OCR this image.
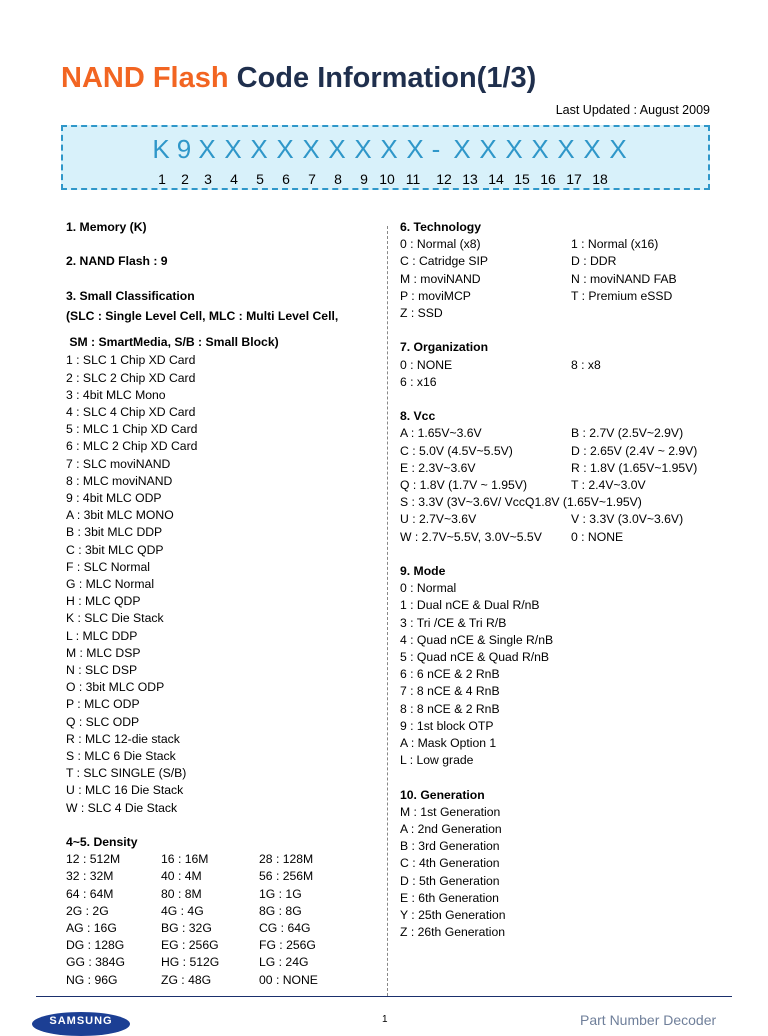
NAND Flash Code Information(1/3)
Last Updated : August 2009
K 9 X X X X X X X X X - X X X X X X X
1	2	3	4	5	6	7	8	9 10 11 12 13 14 15 16 17 18
1. Memory (K)
2. NAND Flash : 9
3. Small Classification
(SLC : Single Level Cell, MLC : Multi Level Cell,
SM : SmartMedia, S/B : Small Block)
1 : SLC 1 Chip XD Card
2 : SLC 2 Chip XD Card
3 : 4bit MLC Mono
4 : SLC 4 Chip XD Card
5 : MLC 1 Chip XD Card
6 : MLC 2 Chip XD Card
7 : SLC moviNAND
8 : MLC moviNAND
9 : 4bit MLC ODP
A : 3bit MLC MONO
B : 3bit MLC DDP
C : 3bit MLC QDP
F : SLC Normal
G : MLC Normal
H : MLC QDP
K : SLC Die Stack
L : MLC DDP
M : MLC DSP
N : SLC DSP
O : 3bit MLC ODP
P : MLC ODP
Q : SLC ODP
R : MLC 12-die stack
S : MLC 6 Die Stack
T : SLC SINGLE (S/B)
U : MLC 16 Die Stack
W : SLC 4 Die Stack
4~5. Density
12 : 512M	16 : 16M	28 : 128M
32 : 32M	40 : 4M	56 : 256M
64 : 64M	80 : 8M	1G : 1G
2G : 2G	4G : 4G	8G : 8G
AG : 16G	BG : 32G	CG : 64G
DG : 128G	EG : 256G	FG : 256G
GG : 384G	HG : 512G	LG : 24G
NG : 96G	ZG : 48G	00 : NONE
6. Technology
0 : Normal (x8)	1 : Normal (x16)
C : Catridge SIP	D : DDR
M : moviNAND	N : moviNAND FAB
P : moviMCP	T : Premium eSSD
Z : SSD
7. Organization
0 : NONE	8 : x8
6 : x16
8. Vcc
A : 1.65V~3.6V	B : 2.7V (2.5V~2.9V)
C : 5.0V (4.5V~5.5V)	D : 2.65V (2.4V ~ 2.9V)
E : 2.3V~3.6V	R : 1.8V (1.65V~1.95V)
Q : 1.8V (1.7V ~ 1.95V)	T : 2.4V~3.0V
S : 3.3V (3V~3.6V/ VccQ1.8V (1.65V~1.95V)
U : 2.7V~3.6V	V : 3.3V (3.0V~3.6V)
W : 2.7V~5.5V, 3.0V~5.5V	0 : NONE
9. Mode
0 : Normal
1 : Dual nCE & Dual R/nB
3 : Tri /CE & Tri R/B
4 : Quad nCE & Single R/nB
5 : Quad nCE & Quad R/nB
6 : 6 nCE & 2 RnB
7 : 8 nCE & 4 RnB
8 : 8 nCE & 2 RnB
9 : 1st block OTP
A : Mask Option 1
L : Low grade
10. Generation
M : 1st Generation
A : 2nd Generation
B : 3rd Generation
C : 4th Generation
D : 5th Generation
E : 6th Generation
Y : 25th Generation
Z : 26th Generation
SAMSUNG	1	Part Number Decoder
